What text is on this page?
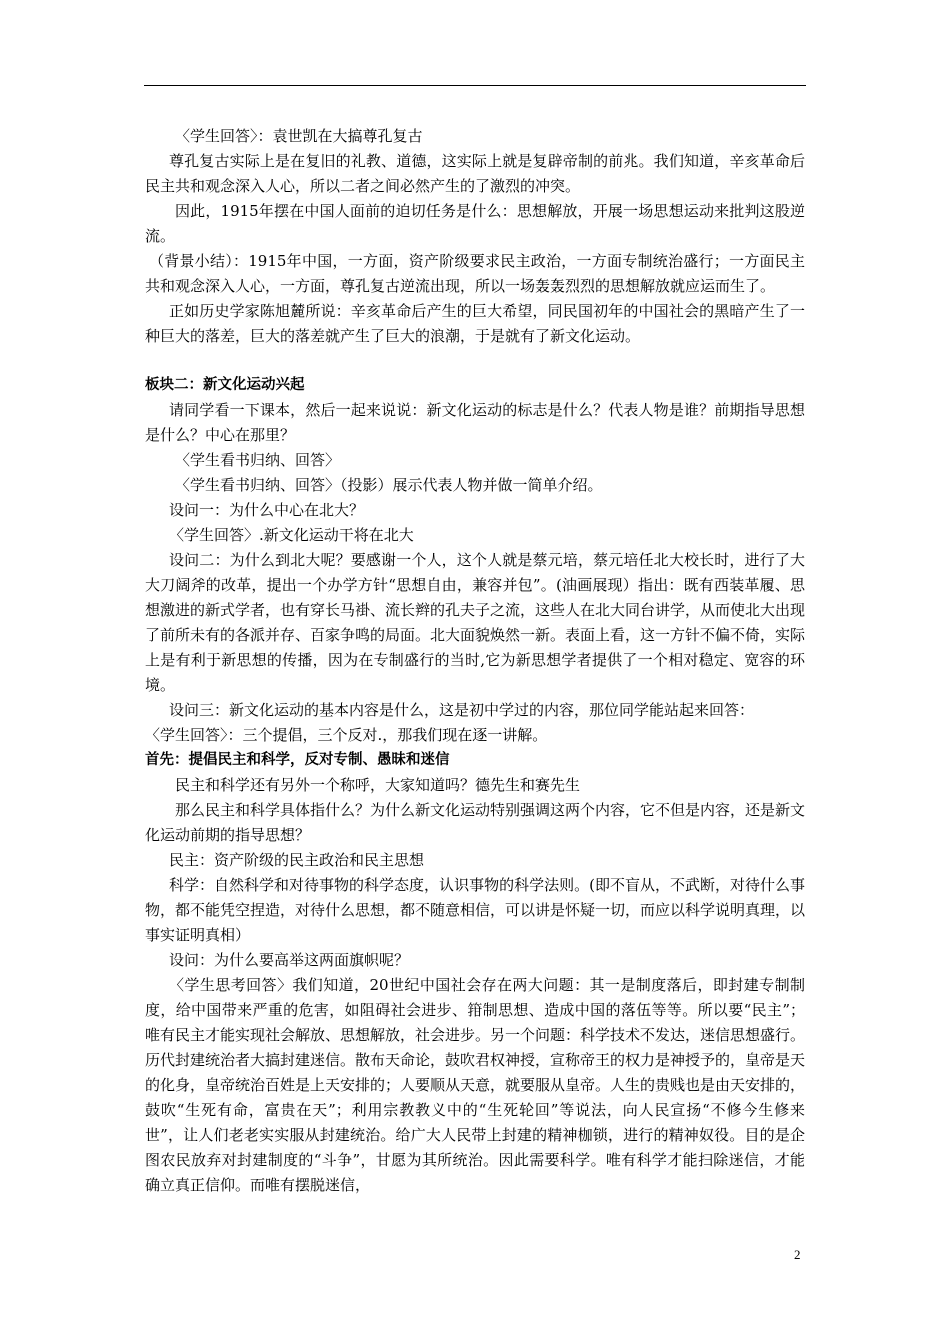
〈学生回答〉：袁世凯在大搞尊孔复古

尊孔复古实际上是在复旧的礼教、道德，这实际上就是复辟帝制的前兆。我们知道，辛亥革命后民主共和观念深入人心，所以二者之间必然产生的了激烈的冲突。

因此，1915年摆在中国人面前的迫切任务是什么：思想解放，开展一场思想运动来批判这股逆流。

（背景小结）：1915年中国，一方面，资产阶级要求民主政治，一方面专制统治盛行；一方面民主共和观念深入人心，一方面，尊孔复古逆流出现，所以一场轰轰烈烈的思想解放就应运而生了。

正如历史学家陈旭麓所说：辛亥革命后产生的巨大希望，同民国初年的中国社会的黑暗产生了一种巨大的落差，巨大的落差就产生了巨大的浪潮，于是就有了新文化运动。

板块二：新文化运动兴起

请同学看一下课本，然后一起来说说：新文化运动的标志是什么？代表人物是谁？前期指导思想是什么？中心在那里？

〈学生看书归纳、回答〉

〈学生看书归纳、回答〉（投影）展示代表人物并做一简单介绍。

设问一：为什么中心在北大？

〈学生回答〉.新文化运动干将在北大

设问二：为什么到北大呢？要感谢一个人，这个人就是蔡元培，蔡元培任北大校长时，进行了大大刀阔斧的改革，提出一个办学方针“思想自由，兼容并包”。(油画展现）指出：既有西装革履、思想激进的新式学者，也有穿长马褂、流长辫的孔夫子之流，这些人在北大同台讲学，从而使北大出现了前所未有的各派并存、百家争鸣的局面。北大面貌焕然一新。表面上看，这一方针不偏不倚，实际上是有利于新思想的传播，因为在专制盛行的当时,它为新思想学者提供了一个相对稳定、宽容的环境。

设问三：新文化运动的基本内容是什么，这是初中学过的内容，那位同学能站起来回答：

〈学生回答〉：三个提倡，三个反对.，那我们现在逐一讲解。

首先：提倡民主和科学，反对专制、愚昧和迷信

民主和科学还有另外一个称呼，大家知道吗？德先生和赛先生

那么民主和科学具体指什么？为什么新文化运动特别强调这两个内容，它不但是内容，还是新文化运动前期的指导思想？

民主：资产阶级的民主政治和民主思想

科学：自然科学和对待事物的科学态度，认识事物的科学法则。(即不盲从，不武断，对待什么事物，都不能凭空捏造，对待什么思想，都不随意相信，可以讲是怀疑一切，而应以科学说明真理，以事实证明真相）

设问：为什么要高举这两面旗帜呢？

〈学生思考回答〉我们知道，20世纪中国社会存在两大问题：其一是制度落后，即封建专制制度，给中国带来严重的危害，如阻碍社会进步、箝制思想、造成中国的落伍等等。所以要“民主”；唯有民主才能实现社会解放、思想解放，社会进步。另一个问题：科学技术不发达，迷信思想盛行。历代封建统治者大搞封建迷信。散布天命论，鼓吹君权神授，宣称帝王的权力是神授予的，皇帝是天的化身，皇帝统治百姓是上天安排的；人要顺从天意，就要服从皇帝。人生的贵贱也是由天安排的，鼓吹“生死有命，富贵在天”；利用宗教教义中的“生死轮回”等说法，向人民宣扬“不修今生修来世”，让人们老老实实服从封建统治。给广大人民带上封建的精神枷锁，进行的精神奴役。目的是企图农民放弃对封建制度的“斗争”，甘愿为其所统治。因此需要科学。唯有科学才能扫除迷信，才能确立真正信仰。而唯有摆脱迷信，

2
